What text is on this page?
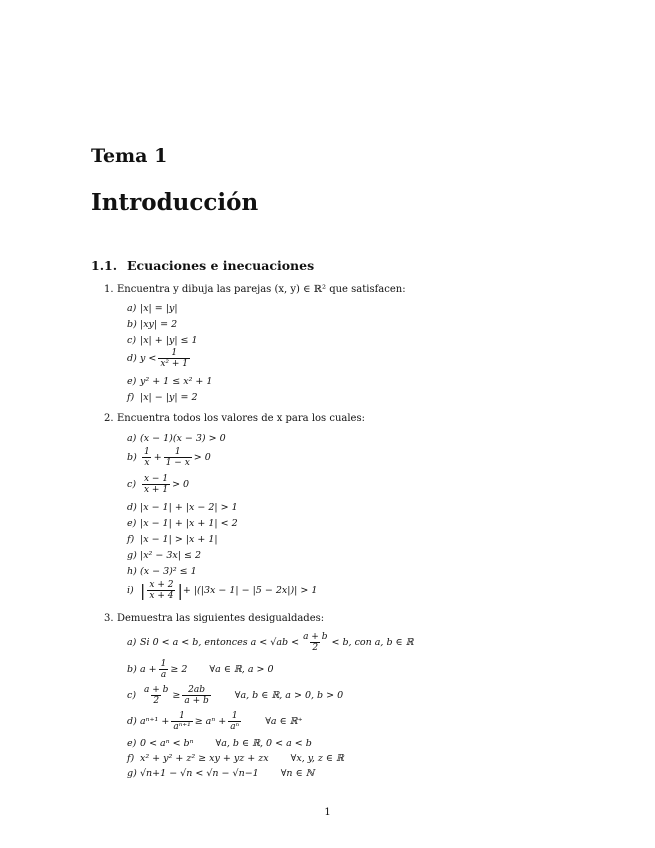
Tema 1
Introducción
1.1. Ecuaciones e inecuaciones
1. Encuentra y dibuja las parejas (x, y) ∈ ℝ² que satisfacen:
a) |x| = |y|
b) |xy| = 2
c) |x| + |y| ≤ 1
d) $y < \frac{1}{\text{x² + 1}}$
e) y² + 1 ≤ x² + 1
f) |x| − |y| = 2
2. Encuentra todos los valores de x para los cuales:
a) (x − 1)(x − 3) > 0
$b) \frac{1}{x} + \frac{1}{1 - x} > 0$
$c) \frac{x - 1}{x + 1} > 0$
d) |x − 1| + |x − 2| > 1
e) |x − 1| + |x + 1| < 2
f) |x − 1| > |x + 1|
g) |x² − 3x| ≤ 2
h) (x − 3)² ≤ 1
i) | $\frac{x + 2}{x + 4}$ | + |(|3x − 1| − |5 − 2x|)| > 1
3. Demuestra las siguientes desigualdades:
a) Si 0 < a < b, entonces $a < √ab < \frac{a + b}{2} < b$, con a, b ∈ ℝ
b) $a + \frac{1}{a} \ge 2$ ∀a ∈ ℝ, a > 0
$c) \frac{a + b}{2} \ge \frac{2ab}{a + b}$	∀a, b ∈ ℝ, a > 0, b > 0
d) $a^{n+1} + \frac{1}{\text{aⁿ⁺¹}} \ge a^n + \frac{1}{\text{aⁿ}}$	∀a ∈ ℝ⁺
e) 0 < aⁿ < bⁿ ∀a, b ∈ ℝ, 0 < a < b
f) x² + y² + z² ≥ xy + yz + zx ∀x, y, z ∈ ℝ
g) √n+1 − √n < √n − √n−1 ∀n ∈ ℕ
1
